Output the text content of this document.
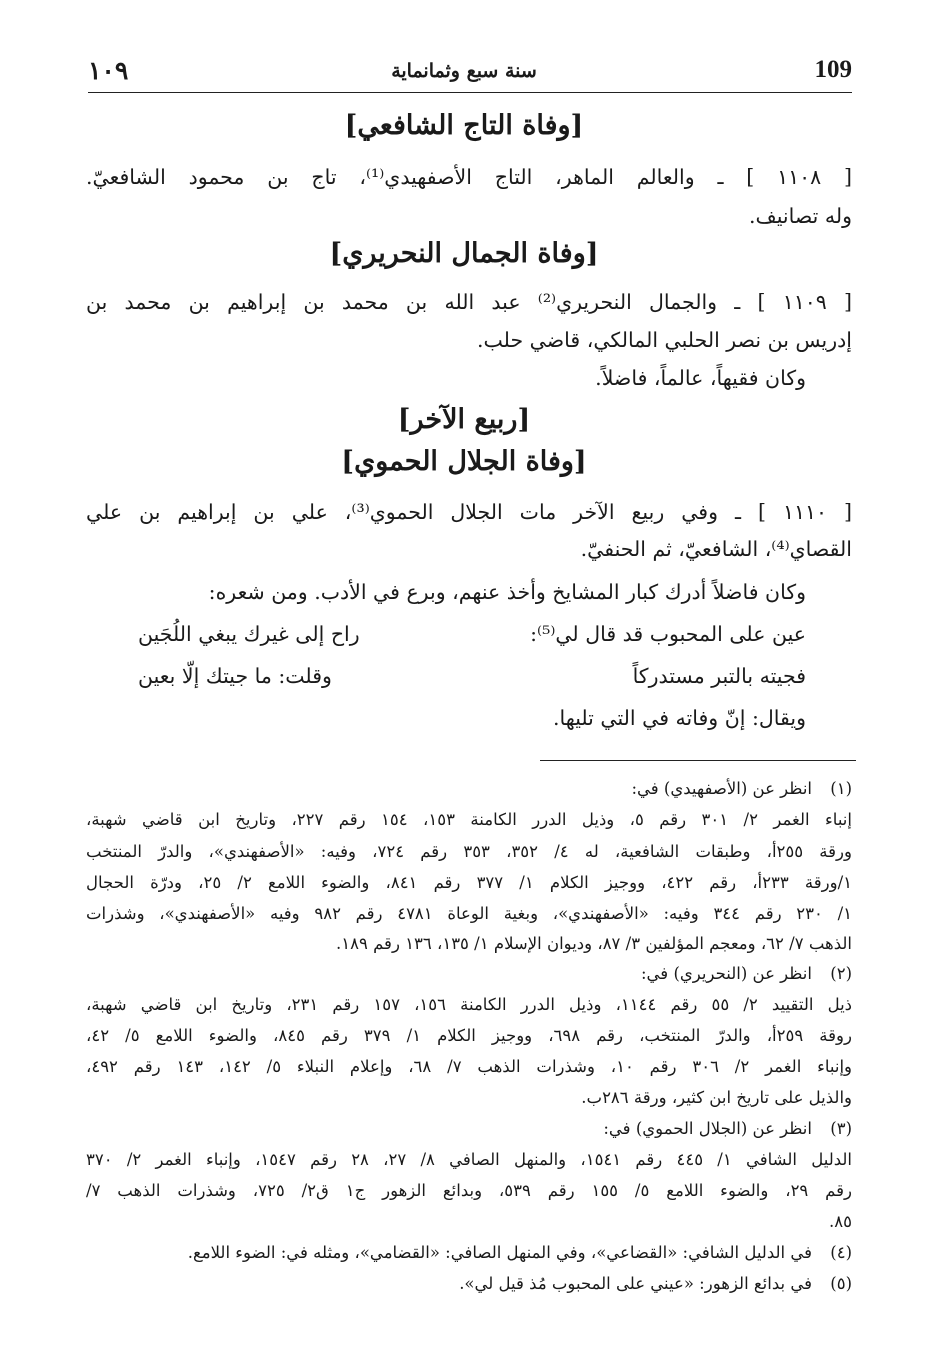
١٠٩	سنة سبع وثمانماية	109
[وفاة التاج الشافعي]
[ ١١٠٨ ] ـ والعالم الماهر، التاج الأصفهيدي⁽¹⁾، تاج بن محمود الشافعيّ.
وله تصانيف.
[وفاة الجمال النحريري]
[ ١١٠٩ ] ـ والجمال النحريري⁽²⁾ عبد الله بن محمد بن إبراهيم بن محمد بن
إدريس بن نصر الحلبي المالكي، قاضي حلب.
وكان فقيهاً، عالماً، فاضلاً.
[ربيع الآخر]
[وفاة الجلال الحموي]
[ ١١١٠ ] ـ وفي ربيع الآخر مات الجلال الحموي⁽³⁾، علي بن إبراهيم بن علي
القصاي⁽⁴⁾، الشافعيّ، ثم الحنفيّ.
وكان فاضلاً أدرك كبار المشايخ وأخذ عنهم، وبرع في الأدب. ومن شعره:
عين على المحبوب قد قال لي⁽⁵⁾:
راح إلى غيرك يبغي اللُجَين
فجيته بالتبر مستدركاً
وقلت: ما جيتك إلّا بعين
ويقال: إنّ وفاته في التي تليها.
(١)
انظر عن (الأصفهيدي) في:
إنباء الغمر ٢/ ٣٠١ رقم ٥، وذيل الدرر الكامنة ١٥٣، ١٥٤ رقم ٢٢٧، وتاريخ ابن قاضي شهبة،
ورقة ٢٥٥أ، وطبقات الشافعية، له ٤/ ٣٥٢، ٣٥٣ رقم ٧٢٤، وفيه: «الأصفهندي»، والدرّ المنتخب
١/ورقة ٢٣٣أ، رقم ٤٢٢، ووجيز الكلام ١/ ٣٧٧ رقم ٨٤١، والضوء اللامع ٢/ ٢٥، ودرّة الحجال
١/ ٢٣٠ رقم ٣٤٤ وفيه: «الأصفهندي»، وبغية الوعاة ٤٧٨١ رقم ٩٨٢ وفيه «الأصفهندي»، وشذرات
الذهب ٧/ ٦٢، ومعجم المؤلفين ٣/ ٨٧، وديوان الإسلام ١/ ١٣٥، ١٣٦ رقم ١٨٩.
(٢)
انظر عن (النحريري) في:
ذيل التقييد ٢/ ٥٥ رقم ١١٤٤، وذيل الدرر الكامنة ١٥٦، ١٥٧ رقم ٢٣١، وتاريخ ابن قاضي شهبة،
روقة ٢٥٩أ، والدرّ المنتخب، رقم ٦٩٨، ووجيز الكلام ١/ ٣٧٩ رقم ٨٤٥، والضوء اللامع ٥/ ٤٢،
وإنباء الغمر ٢/ ٣٠٦ رقم ١٠، وشذرات الذهب ٧/ ٦٨، وإعلام النبلاء ٥/ ١٤٢، ١٤٣ رقم ٤٩٢،
والذيل على تاريخ ابن كثير، ورقة ٢٨٦ب.
(٣)
انظر عن (الجلال الحموي) في:
الدليل الشافي ١/ ٤٤٥ رقم ١٥٤١، والمنهل الصافي ٨/ ٢٧، ٢٨ رقم ١٥٤٧، وإنباء الغمر ٢/ ٣٧٠
رقم ٢٩، والضوء اللامع ٥/ ١٥٥ رقم ٥٣٩، وبدائع الزهور ج١ ق٢/ ٧٢٥، وشذرات الذهب ٧/
٨٥.
(٤)
في الدليل الشافي: «القضاعي»، وفي المنهل الصافي: «القضامي»، ومثله في: الضوء اللامع.
(٥)
في بدائع الزهور: «عيني على المحبوب مُذ قيل لي».
